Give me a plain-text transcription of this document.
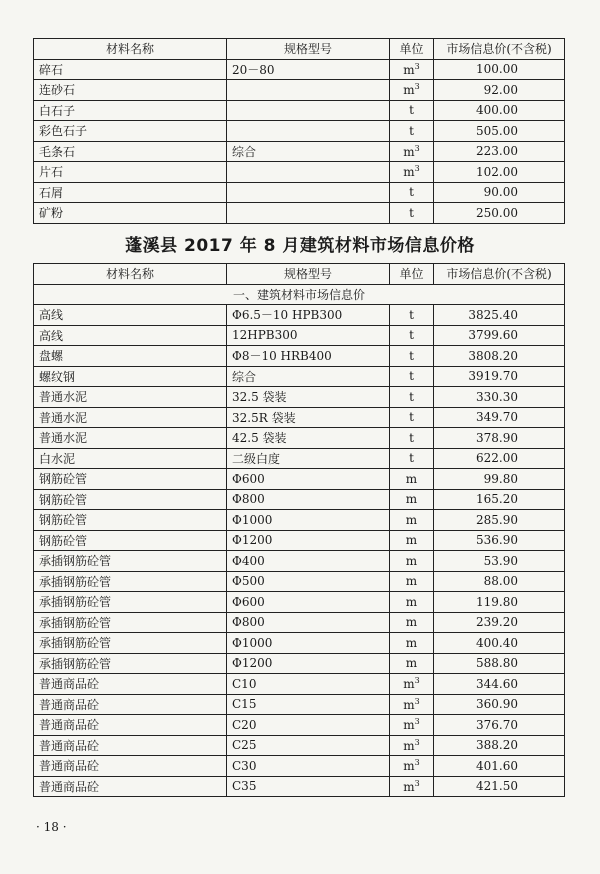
材料名称	规格型号	单位	市场信息价(不含税)
碎石	20－80	$m^3$	100.00
连砂石		$m^3$	92.00
白石子		t	400.00
彩色石子		t	505.00
毛条石	综合	$m^3$	223.00
片石		$m^3$	102.00
石屑		t	90.00
矿粉		t	250.00
蓬溪县 2017 年 8 月建筑材料市场信息价格
材料名称	规格型号	单位	市场信息价(不含税)
一、建筑材料市场信息价			
高线	Φ6.5－10 HPB300	t	3825.40
高线	12HPB300	t	3799.60
盘螺	Φ8－10 HRB400	t	3808.20
螺纹钢	综合	t	3919.70
普通水泥	32.5 袋装	t	330.30
普通水泥	32.5R 袋装	t	349.70
普通水泥	42.5 袋装	t	378.90
白水泥	二级白度	t	622.00
钢筋砼管	Φ600	m	99.80
钢筋砼管	Φ800	m	165.20
钢筋砼管	Φ1000	m	285.90
钢筋砼管	Φ1200	m	536.90
承插钢筋砼管	Φ400	m	53.90
承插钢筋砼管	Φ500	m	88.00
承插钢筋砼管	Φ600	m	119.80
承插钢筋砼管	Φ800	m	239.20
承插钢筋砼管	Φ1000	m	400.40
承插钢筋砼管	Φ1200	m	588.80
普通商品砼	C10	$m^3$	344.60
普通商品砼	C15	$m^3$	360.90
普通商品砼	C20	$m^3$	376.70
普通商品砼	C25	$m^3$	388.20
普通商品砼	C30	$m^3$	401.60
普通商品砼	C35	$m^3$	421.50
· 18 ·
